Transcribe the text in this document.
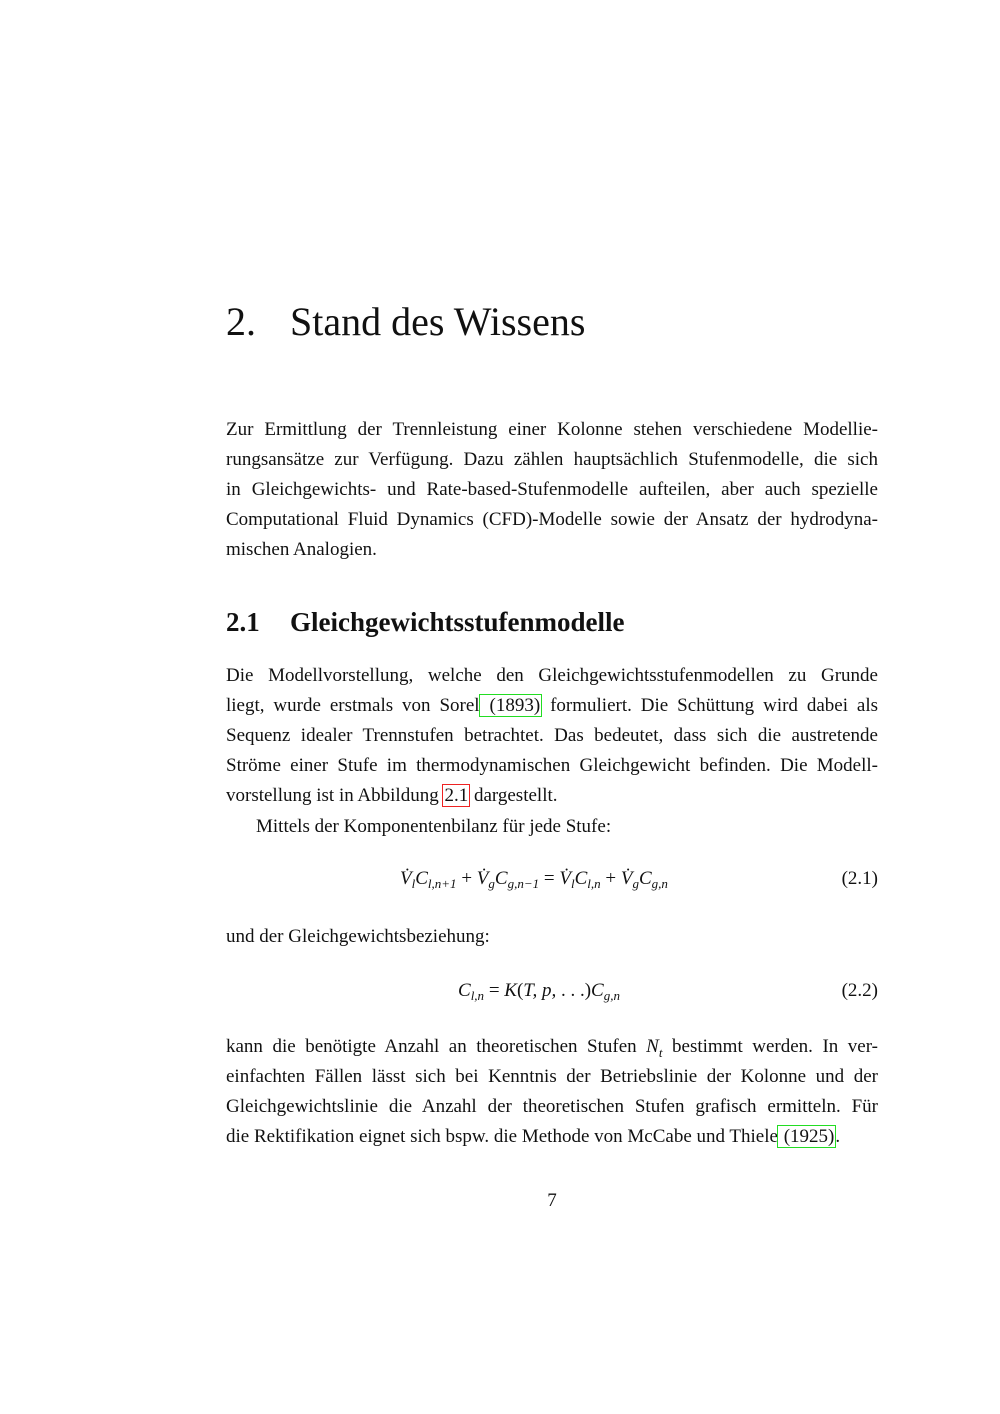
2. Stand des Wissens
Zur Ermittlung der Trennleistung einer Kolonne stehen verschiedene Modellie-
rungsansätze zur Verfügung. Dazu zählen hauptsächlich Stufenmodelle, die sich
in Gleichgewichts- und Rate-based-Stufenmodelle aufteilen, aber auch spezielle
Computational Fluid Dynamics (CFD)-Modelle sowie der Ansatz der hydrodyna-
mischen Analogien.
2.1 Gleichgewichtsstufenmodelle
Die Modellvorstellung, welche den Gleichgewichtsstufenmodellen zu Grunde
liegt, wurde erstmals von Sorel (1893) formuliert. Die Schüttung wird dabei als
Sequenz idealer Trennstufen betrachtet. Das bedeutet, dass sich die austretende
Ströme einer Stufe im thermodynamischen Gleichgewicht befinden. Die Modell-
vorstellung ist in Abbildung 2.1 dargestellt.
Mittels der Komponentenbilanz für jede Stufe:
$V̇_lC_{l,n+1}$ + $V̇_gC_{g,n-1}$ = $V̇_lC_{l,n}$ + $V̇_gC_{g,n}$	(2.1)
und der Gleichgewichtsbeziehung:
$C_{l,n} = K(T$, p, . . $.)C_{g,n}$	(2.2)
kann die benötigte Anzahl an theoretischen Stufen $N_t$ bestimmt werden. In ver-
einfachten Fällen lässt sich bei Kenntnis der Betriebslinie der Kolonne und der
Gleichgewichtslinie die Anzahl der theoretischen Stufen grafisch ermitteln. Für
die Rektifikation eignet sich bspw. die Methode von McCabe und Thiele (1925).
7
